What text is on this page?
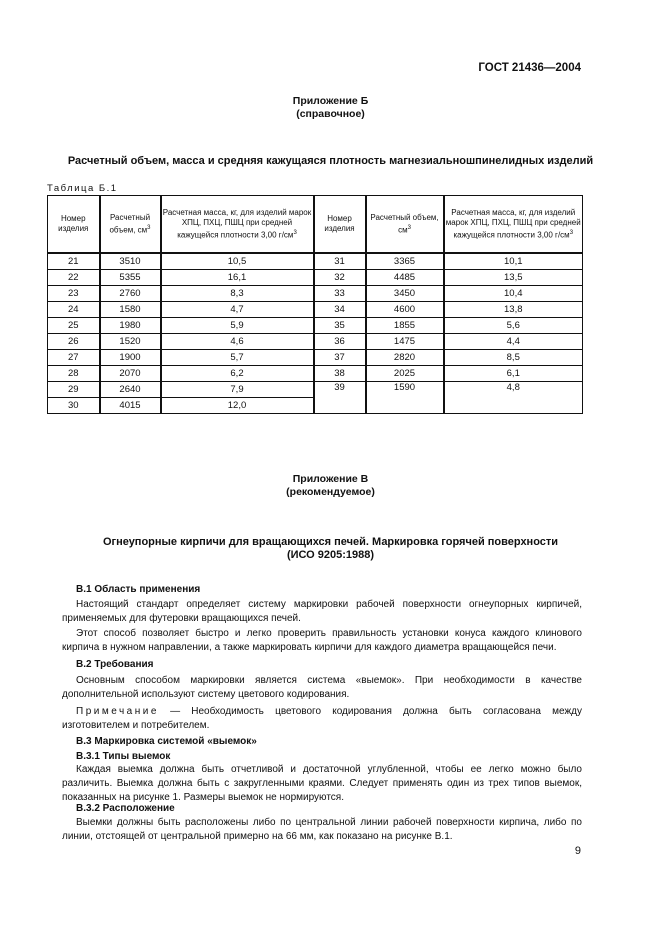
ГОСТ 21436—2004
Приложение Б
(справочное)
Расчетный объем, масса и средняя кажущаяся плотность магнезиальношпинелидных изделий
Таблица Б.1
Номер изделия	Расчетный объем, $см^3$	Расчетная масса, кг, для изделий марок ХПЦ, ПХЦ, ПШЦ при средней кажущейся плотности 3,00 $г/см^3$	Номер изделия	Расчетный объем, $см^3$	Расчетная масса, кг, для изделий марок ХПЦ, ПХЦ, ПШЦ при средней кажущейся плотности 3,00 $г/см^3$
21	3510	10,5	31	3365	10,1
22	5355	16,1	32	4485	13,5
23	2760	8,3	33	3450	10,4
24	1580	4,7	34	4600	13,8
25	1980	5,9	35	1855	5,6
26	1520	4,6	36	1475	4,4
27	1900	5,7	37	2820	8,5
28	2070	6,2	38	2025	6,1
29	2640	7,9	39	1590	4,8
30	4015	12,0			
Приложение В
(рекомендуемое)
Огнеупорные кирпичи для вращающихся печей. Маркировка горячей поверхности
(ИСО 9205:1988)
В.1 Область применения
Настоящий стандарт определяет систему маркировки рабочей поверхности огнеупорных кирпичей, применяемых для футеровки вращающихся печей.
Этот способ позволяет быстро и легко проверить правильность установки конуса каждого клинового кирпича в нужном направлении, а также маркировать кирпичи для каждого диаметра вращающейся печи.
В.2 Требования
Основным способом маркировки является система «выемок». При необходимости в качестве дополнительной используют систему цветового кодирования.
Примечание — Необходимость цветового кодирования должна быть согласована между изготовителем и потребителем.
В.3 Маркировка системой «выемок»
В.3.1 Типы выемок
Каждая выемка должна быть отчетливой и достаточной углубленной, чтобы ее легко можно было различить. Выемка должна быть с закругленными краями. Следует применять один из трех типов выемок, показанных на рисунке 1. Размеры выемок не нормируются.
В.3.2 Расположение
Выемки должны быть расположены либо по центральной линии рабочей поверхности кирпича, либо по линии, отстоящей от центральной примерно на 66 мм, как показано на рисунке В.1.
9
